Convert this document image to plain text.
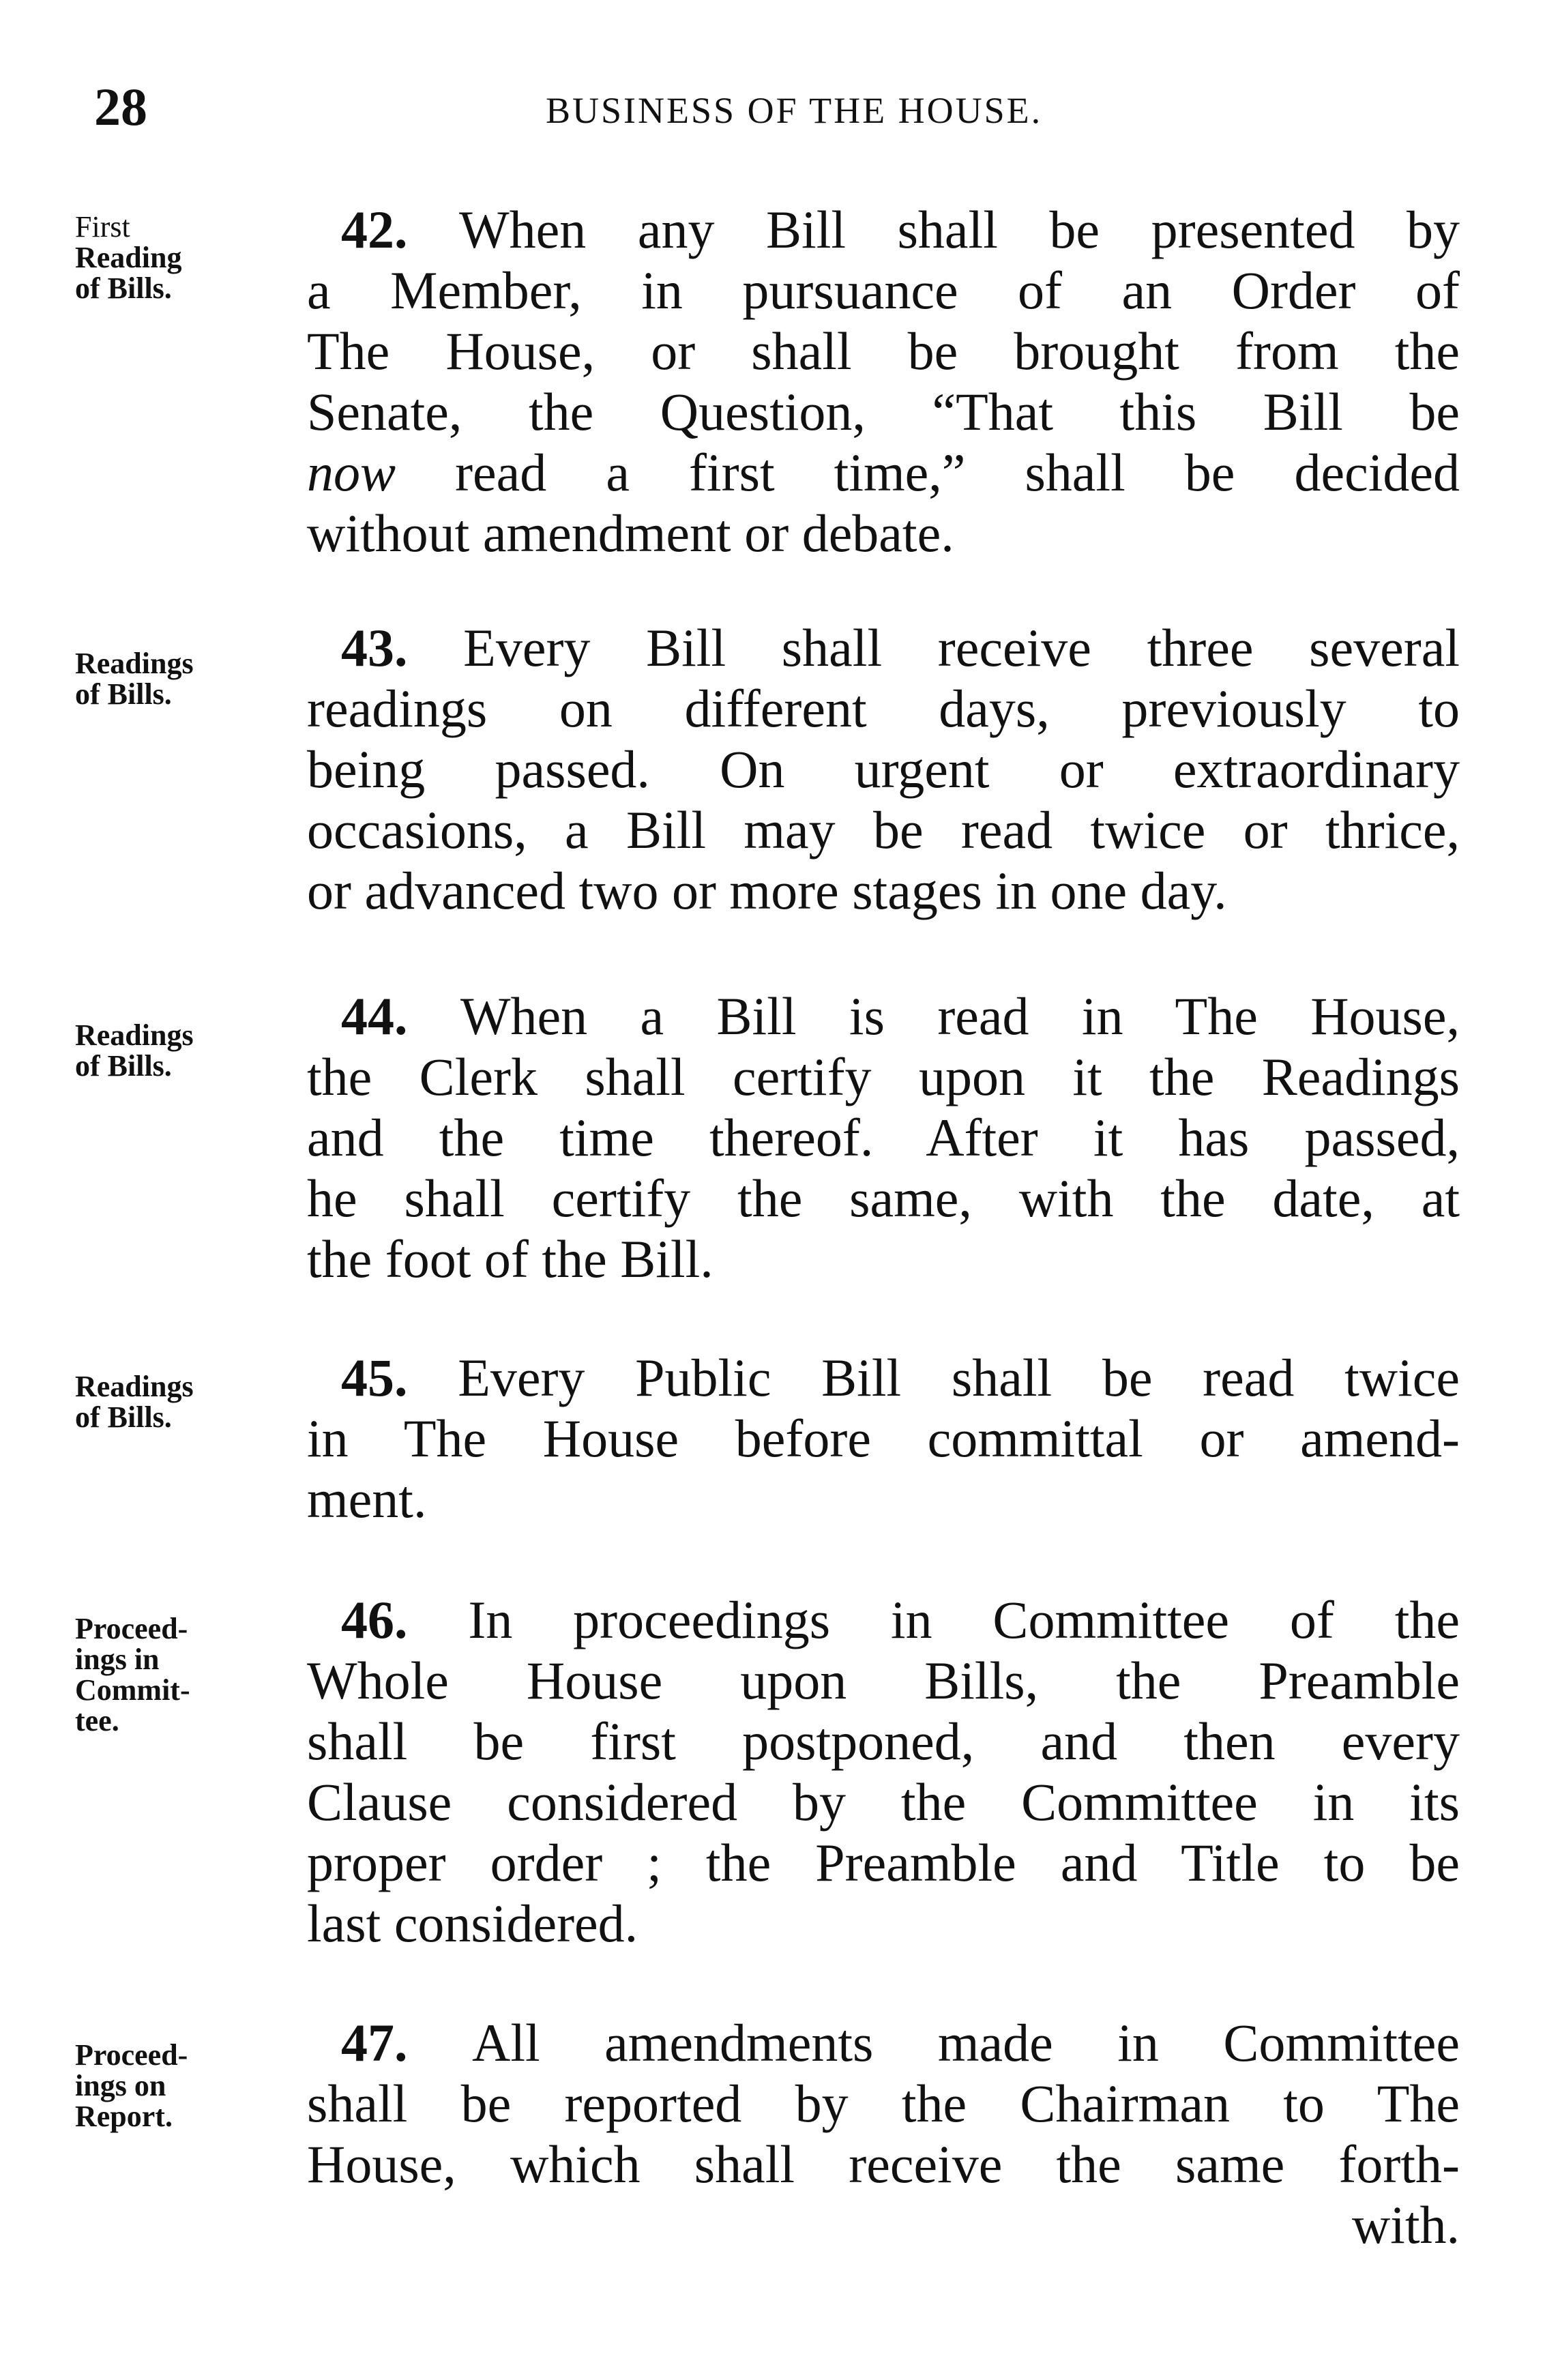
28	BUSINESS OF THE HOUSE.
First
Reading
of Bills.
42. When any Bill shall be presented by
a Member, in pursuance of an Order of
The House, or shall be brought from the
Senate, the Question, “That this Bill be
now read a first time,” shall be decided
without amendment or debate.
Readings
of Bills.
43. Every Bill shall receive three several
readings on different days, previously to
being passed. On urgent or extraordinary
occasions, a Bill may be read twice or thrice,
or advanced two or more stages in one day.
Readings
of Bills.
44. When a Bill is read in The House,
the Clerk shall certify upon it the Readings
and the time thereof. After it has passed,
he shall certify the same, with the date, at
the foot of the Bill.
Readings
of Bills.
45. Every Public Bill shall be read twice
in The House before committal or amend-
ment.
Proceed-
ings in
Commit-
tee.
46. In proceedings in Committee of the
Whole House upon Bills, the Preamble
shall be first postponed, and then every
Clause considered by the Committee in its
proper order ; the Preamble and Title to be
last considered.
Proceed-
ings on
Report.
47. All amendments made in Committee
shall be reported by the Chairman to The
House, which shall receive the same forth-
with.
